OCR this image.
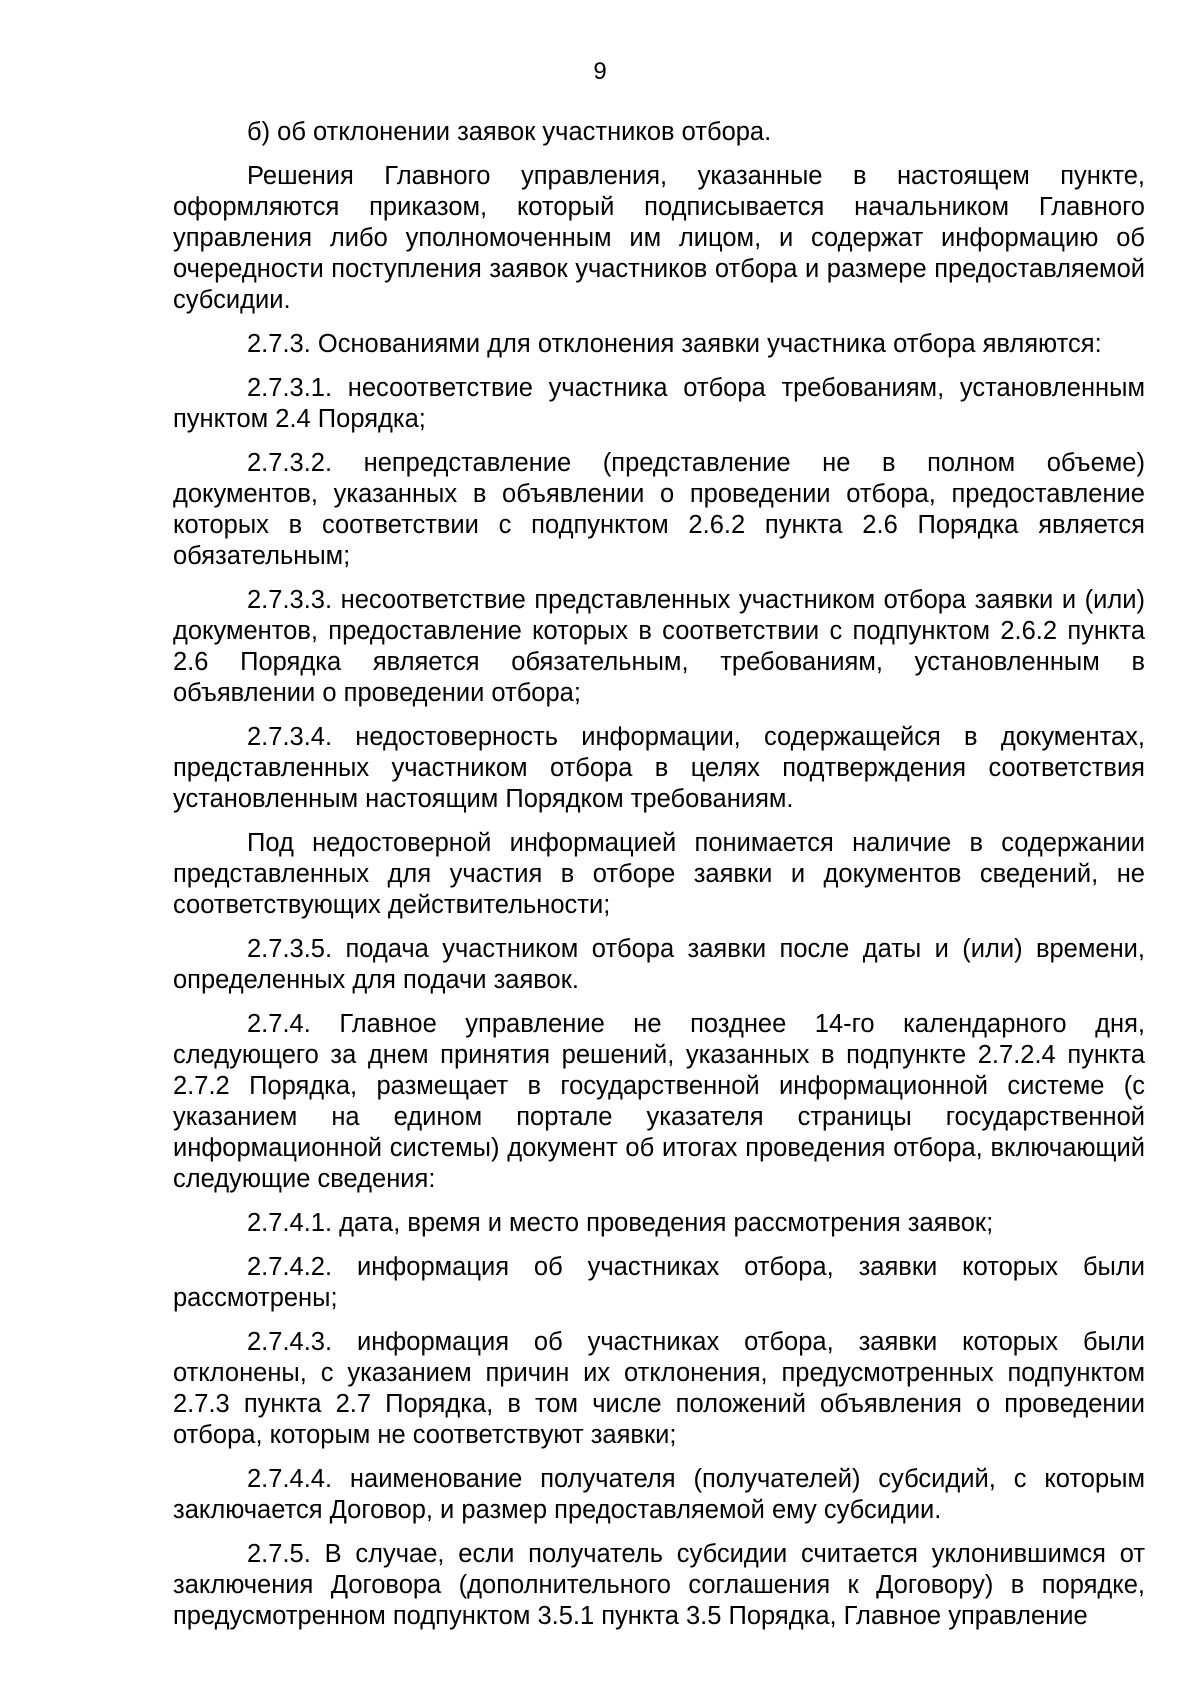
9

б) об отклонении заявок участников отбора.

Решения Главного управления, указанные в настоящем пункте, оформляются приказом, который подписывается начальником Главного управления либо уполномоченным им лицом, и содержат информацию об очередности поступления заявок участников отбора и размере предоставляемой субсидии.

2.7.3. Основаниями для отклонения заявки участника отбора являются:

2.7.3.1. несоответствие участника отбора требованиям, установленным пунктом 2.4 Порядка;

2.7.3.2. непредставление (представление не в полном объеме) документов, указанных в объявлении о проведении отбора, предоставление которых в соответствии с подпунктом 2.6.2 пункта 2.6 Порядка является обязательным;

2.7.3.3. несоответствие представленных участником отбора заявки и (или) документов, предоставление которых в соответствии с подпунктом 2.6.2 пункта 2.6 Порядка является обязательным, требованиям, установленным в объявлении о проведении отбора;

2.7.3.4. недостоверность информации, содержащейся в документах, представленных участником отбора в целях подтверждения соответствия установленным настоящим Порядком требованиям.

Под недостоверной информацией понимается наличие в содержании представленных для участия в отборе заявки и документов сведений, не соответствующих действительности;

2.7.3.5. подача участником отбора заявки после даты и (или) времени, определенных для подачи заявок.

2.7.4. Главное управление не позднее 14-го календарного дня, следующего за днем принятия решений, указанных в подпункте 2.7.2.4 пункта 2.7.2 Порядка, размещает в государственной информационной системе (с указанием на едином портале указателя страницы государственной информационной системы) документ об итогах проведения отбора, включающий следующие сведения:

2.7.4.1. дата, время и место проведения рассмотрения заявок;

2.7.4.2. информация об участниках отбора, заявки которых были рассмотрены;

2.7.4.3. информация об участниках отбора, заявки которых были отклонены, с указанием причин их отклонения, предусмотренных подпунктом 2.7.3 пункта 2.7 Порядка, в том числе положений объявления о проведении отбора, которым не соответствуют заявки;

2.7.4.4. наименование получателя (получателей) субсидий, с которым заключается Договор, и размер предоставляемой ему субсидии.

2.7.5. В случае, если получатель субсидии считается уклонившимся от заключения Договора (дополнительного соглашения к Договору) в порядке, предусмотренном подпунктом 3.5.1 пункта 3.5 Порядка, Главное управление
